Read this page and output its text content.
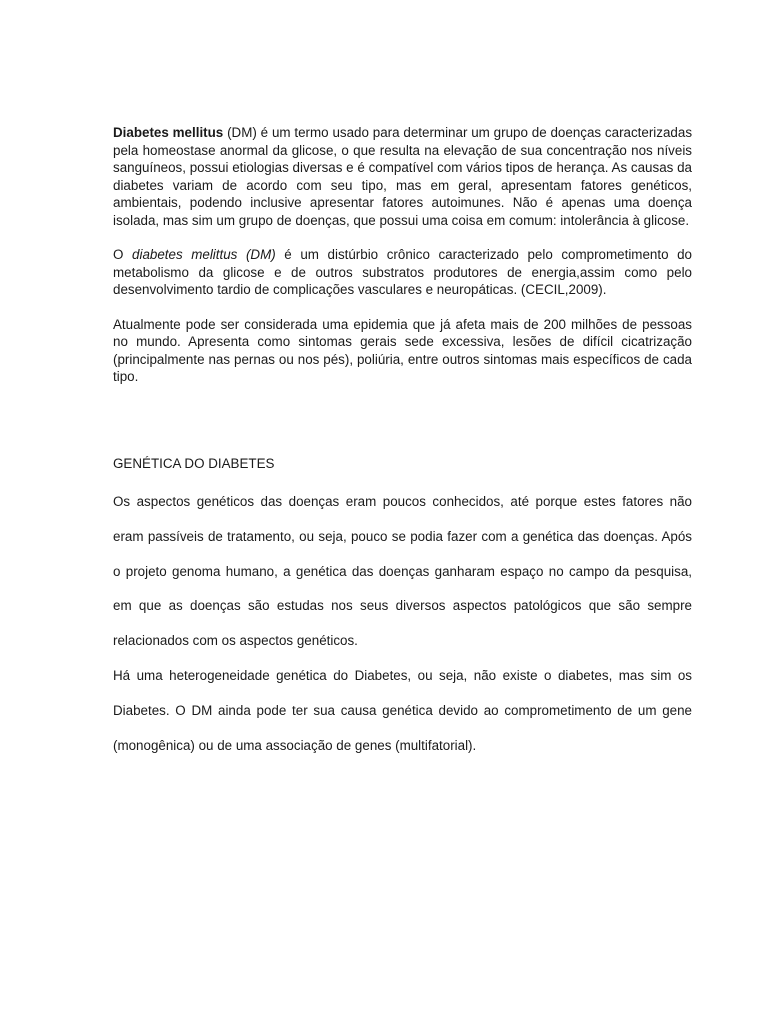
Diabetes mellitus (DM) é um termo usado para determinar um grupo de doenças caracterizadas pela homeostase anormal da glicose, o que resulta na elevação de sua concentração nos níveis sanguíneos, possui etiologias diversas e é compatível com vários tipos de herança. As causas da diabetes variam de acordo com seu tipo, mas em geral, apresentam fatores genéticos, ambientais, podendo inclusive apresentar fatores autoimunes. Não é apenas uma doença isolada, mas sim um grupo de doenças, que possui uma coisa em comum: intolerância à glicose.

O diabetes melittus (DM) é um distúrbio crônico caracterizado pelo comprometimento do metabolismo da glicose e de outros substratos produtores de energia,assim como pelo desenvolvimento tardio de complicações vasculares e neuropáticas. (CECIL,2009).

Atualmente pode ser considerada uma epidemia que já afeta mais de 200 milhões de pessoas no mundo. Apresenta como sintomas gerais sede excessiva, lesões de difícil cicatrização (principalmente nas pernas ou nos pés), poliúria, entre outros sintomas mais específicos de cada tipo.

GENÉTICA DO DIABETES

Os aspectos genéticos das doenças eram poucos conhecidos, até porque estes fatores não eram passíveis de tratamento, ou seja, pouco se podia fazer com a genética das doenças. Após o projeto genoma humano, a genética das doenças ganharam espaço no campo da pesquisa, em que as doenças são estudas nos seus diversos aspectos patológicos que são sempre relacionados com os aspectos genéticos.

Há uma heterogeneidade genética do Diabetes, ou seja, não existe o diabetes, mas sim os Diabetes. O DM ainda pode ter sua causa genética devido ao comprometimento de um gene (monogênica) ou de uma associação de genes (multifatorial).
